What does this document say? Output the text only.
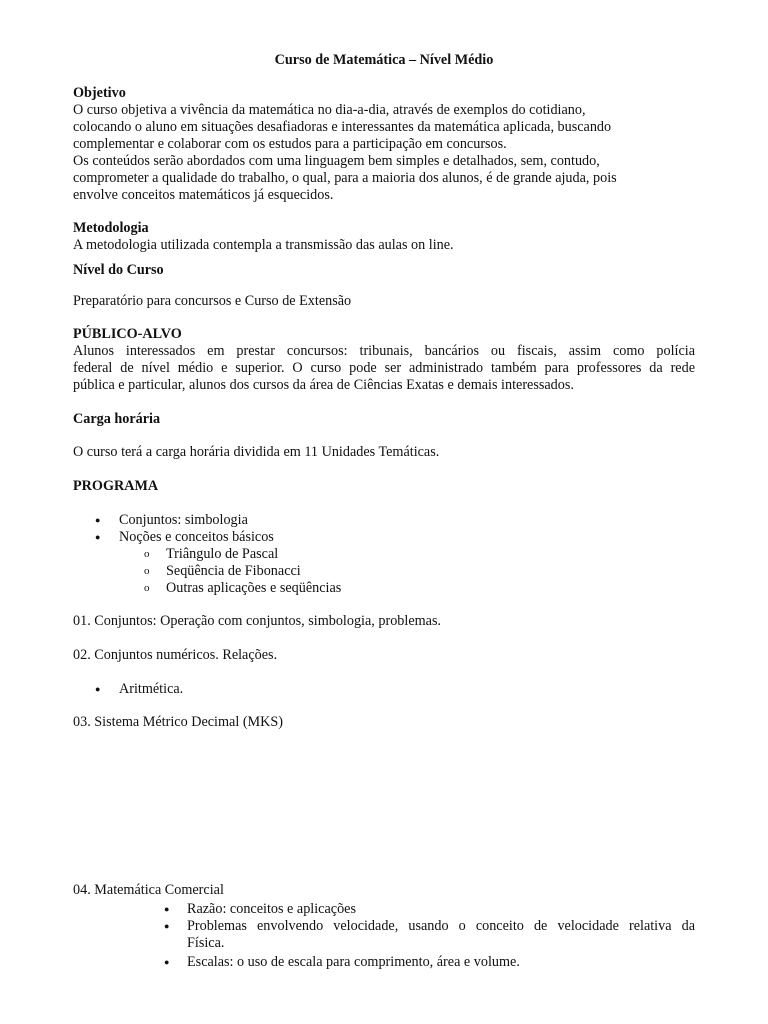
Curso de Matemática – Nível Médio
Objetivo
O curso objetiva a vivência da matemática no dia-a-dia, através de exemplos do cotidiano,
colocando o aluno em situações desafiadoras e interessantes da matemática aplicada, buscando
complementar e colaborar com os estudos para a participação em concursos.
Os conteúdos serão abordados com uma linguagem bem simples e detalhados, sem, contudo,
comprometer a qualidade do trabalho, o qual, para a maioria dos alunos, é de grande ajuda, pois
envolve conceitos matemáticos já esquecidos.
Metodologia
A metodologia utilizada contempla a transmissão das aulas on line.
Nível do Curso
Preparatório para concursos e Curso de Extensão
PÚBLICO-ALVO
Alunos interessados em prestar concursos: tribunais, bancários ou fiscais, assim como polícia
federal de nível médio e superior. O curso pode ser administrado também para professores da rede
pública e particular, alunos dos cursos da área de Ciências Exatas e demais interessados.
Carga horária
O curso terá a carga horária dividida em 11 Unidades Temáticas.
PROGRAMA
● Conjuntos: simbologia
● Noções e conceitos básicos
o Triângulo de Pascal
o Seqüência de Fibonacci
o Outras aplicações e seqüências
01. Conjuntos: Operação com conjuntos, simbologia, problemas.
02. Conjuntos numéricos. Relações.
● Aritmética.
03. Sistema Métrico Decimal (MKS)
04. Matemática Comercial
● Razão: conceitos e aplicações
● Problemas envolvendo velocidade, usando o conceito de velocidade relativa da
Física.
● Escalas: o uso de escala para comprimento, área e volume.
